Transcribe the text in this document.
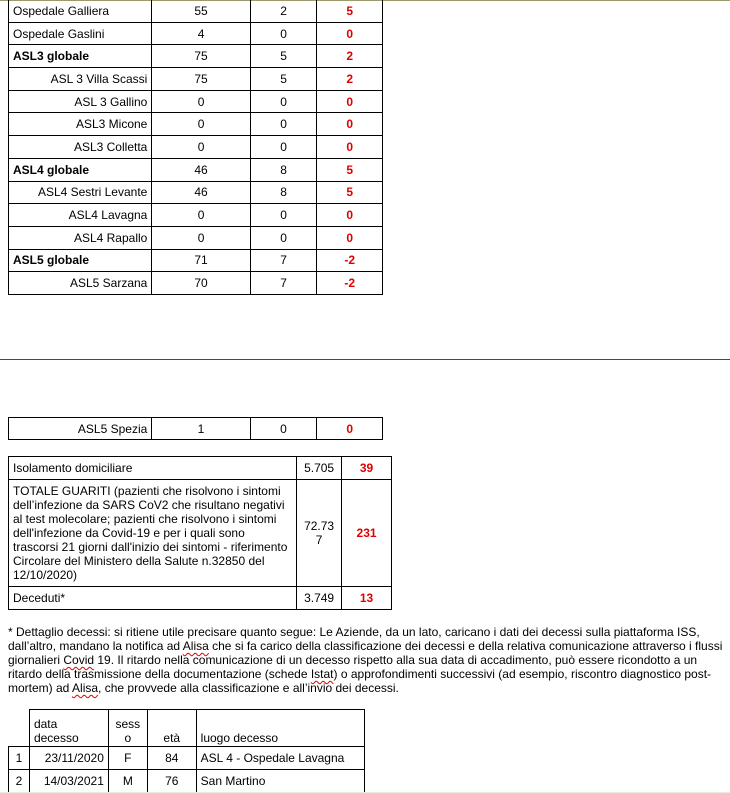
Ospedale Galliera	55	2	5
Ospedale Gaslini	4	0	0
ASL3 globale	75	5	2
ASL 3 Villa Scassi	75	5	2
ASL 3 Gallino	0	0	0
ASL3 Micone	0	0	0
ASL3 Colletta	0	0	0
ASL4 globale	46	8	5
ASL4 Sestri Levante	46	8	5
ASL4 Lavagna	0	0	0
ASL4 Rapallo	0	0	0
ASL5 globale	71	7	-2
ASL5 Sarzana	70	7	-2
ASL5 Spezia	1	0	0
Isolamento domiciliare	5.705	39
TOTALE GUARITI (pazienti che risolvono i sintomi dell’infezione da SARS CoV2 che risultano negativi al test molecolare; pazienti che risolvono i sintomi dell'infezione da Covid-19 e per i quali sono trascorsi 21 giorni dall'inizio dei sintomi - riferimento Circolare del Ministero della Salute n.32850 del 12/10/2020)	72.737	231
Deceduti*	3.749	13
* Dettaglio decessi: si ritiene utile precisare quanto segue: Le Aziende, da un lato, caricano i dati dei decessi sulla piattaforma ISS, dall’altro, mandano la notifica ad Alisa che si fa carico della classificazione dei decessi e della relativa comunicazione attraverso i flussi giornalieri Covid 19. Il ritardo nella comunicazione di un decesso rispetto alla sua data di accadimento, può essere ricondotto a un ritardo della trasmissione della documentazione (schede Istat) o approfondimenti successivi (ad esempio, riscontro diagnostico post-mortem) ad Alisa, che provvede alla classificazione e all’invio dei decessi.
	data decesso	sess o	età	luogo decesso
1	23/11/2020	F	84	ASL 4 - Ospedale Lavagna
2	14/03/2021	M	76	San Martino
